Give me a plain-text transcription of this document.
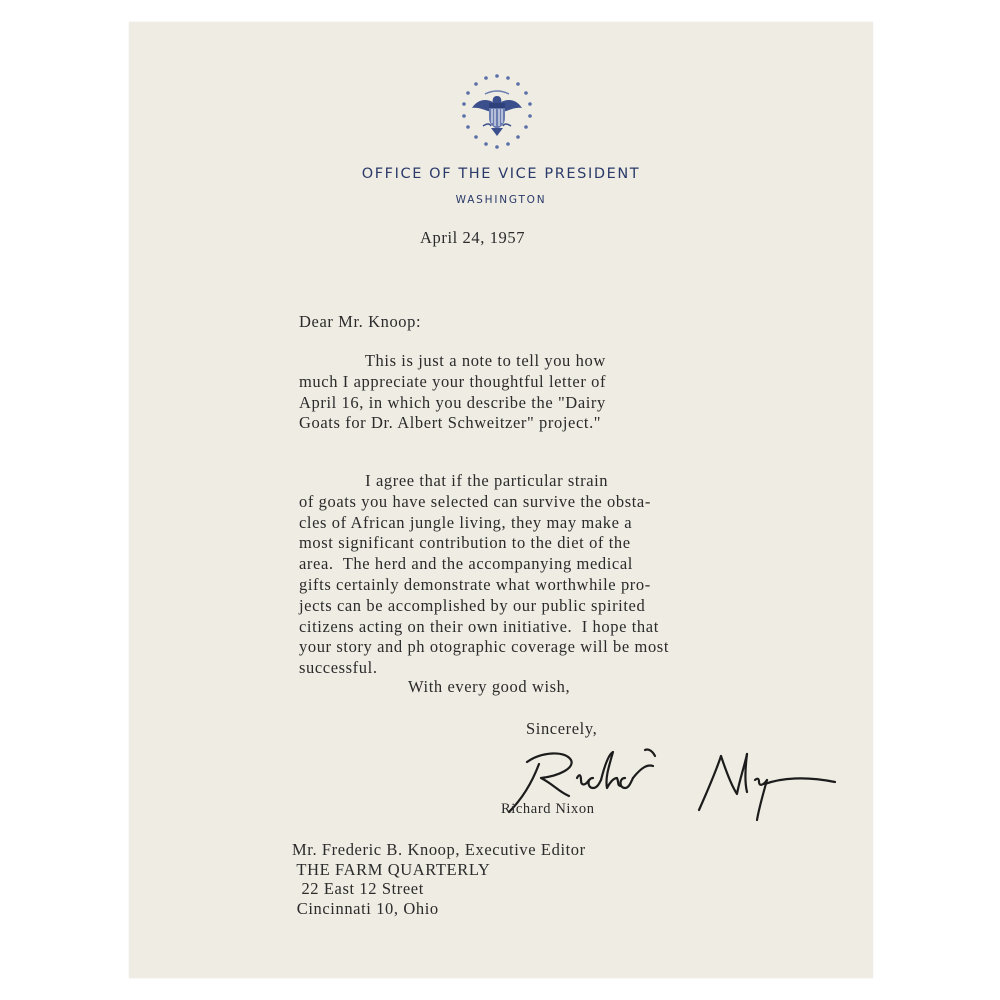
OFFICE OF THE VICE PRESIDENT
WASHINGTON
April 24, 1957
Dear Mr. Knoop:
This is just a note to tell you how
much I appreciate your thoughtful letter of
April 16, in which you describe the "Dairy
Goats for Dr. Albert Schweitzer" project."
I agree that if the particular strain
of goats you have selected can survive the obsta-
cles of African jungle living, they may make a
most significant contribution to the diet of the
area.  The herd and the accompanying medical
gifts certainly demonstrate what worthwhile pro-
jects can be accomplished by our public spirited
citizens acting on their own initiative.  I hope that
your story and ph otographic coverage will be most
successful.
With every good wish,
Sincerely,
Richard Nixon
Mr. Frederic B. Knoop, Executive Editor
THE FARM QUARTERLY
22 East 12 Street
Cincinnati 10, Ohio
